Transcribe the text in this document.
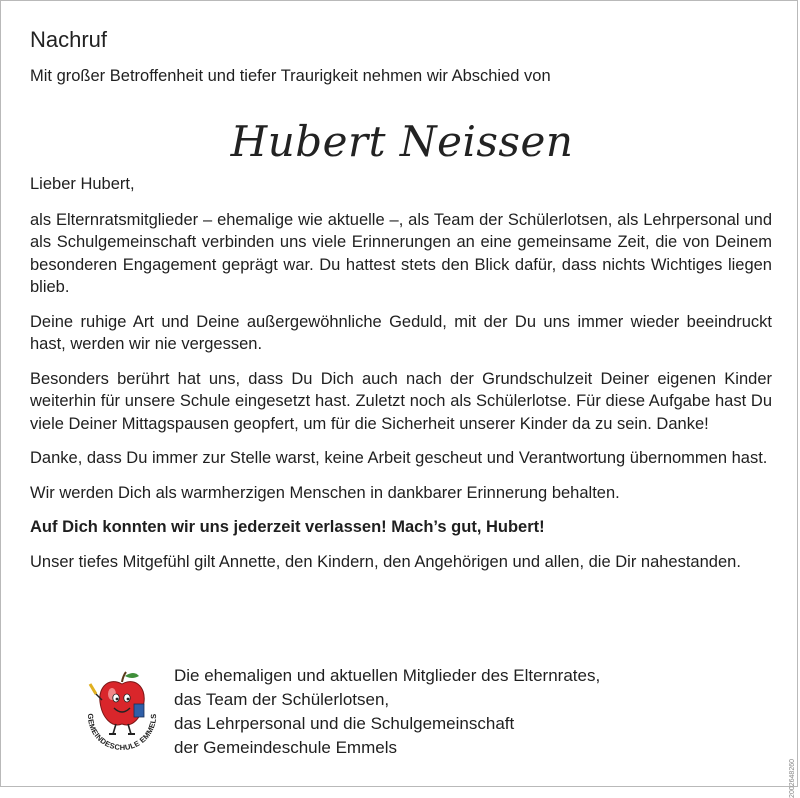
Nachruf
Mit großer Betroffenheit und tiefer Traurigkeit nehmen wir Abschied von
Hubert Neissen

Lieber Hubert,

als Elternratsmitglieder – ehemalige wie aktuelle –, als Team der Schülerlotsen, als Lehrpersonal und als Schulgemeinschaft verbinden uns viele Erinnerungen an eine gemeinsame Zeit, die von Deinem besonderen Engagement geprägt war. Du hattest stets den Blick dafür, dass nichts Wichtiges liegen blieb.

Deine ruhige Art und Deine außergewöhnliche Geduld, mit der Du uns immer wieder beeindruckt hast, werden wir nie vergessen.

Besonders berührt hat uns, dass Du Dich auch nach der Grundschulzeit Deiner eigenen Kinder weiterhin für unsere Schule eingesetzt hast. Zuletzt noch als Schülerlotse. Für diese Aufgabe hast Du viele Deiner Mittagspausen geopfert, um für die Sicherheit unserer Kinder da zu sein. Danke!

Danke, dass Du immer zur Stelle warst, keine Arbeit gescheut und Verantwortung übernommen hast.

Wir werden Dich als warmherzigen Menschen in dankbarer Erinnerung behalten.

Auf Dich konnten wir uns jederzeit verlassen! Mach’s gut, Hubert!

Unser tiefes Mitgefühl gilt Annette, den Kindern, den Angehörigen und allen, die Dir nahestanden.

GEMEINDESCHULE EMMELS
Die ehemaligen und aktuellen Mitglieder des Elternrates,
das Team der Schülerlotsen,
das Lehrpersonal und die Schulgemeinschaft
der Gemeindeschule Emmels
2002648260
